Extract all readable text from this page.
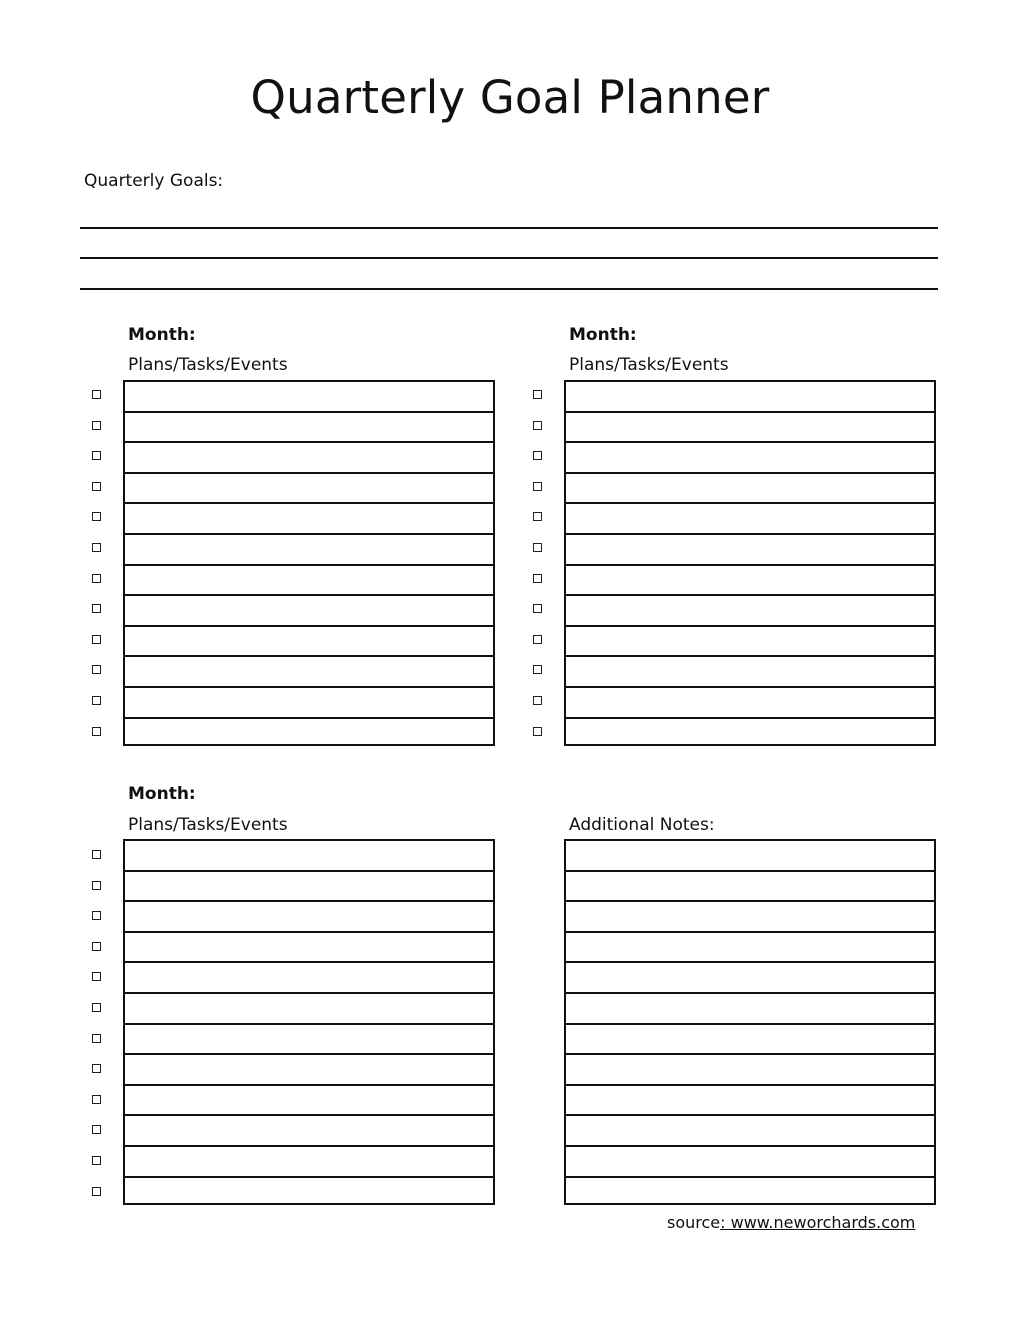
Quarterly Goal Planner
Quarterly Goals:
Month:
Plans/Tasks/Events
Month:
Plans/Tasks/Events
Month:
Plans/Tasks/Events	Additional Notes:
source: www.neworchards.com
